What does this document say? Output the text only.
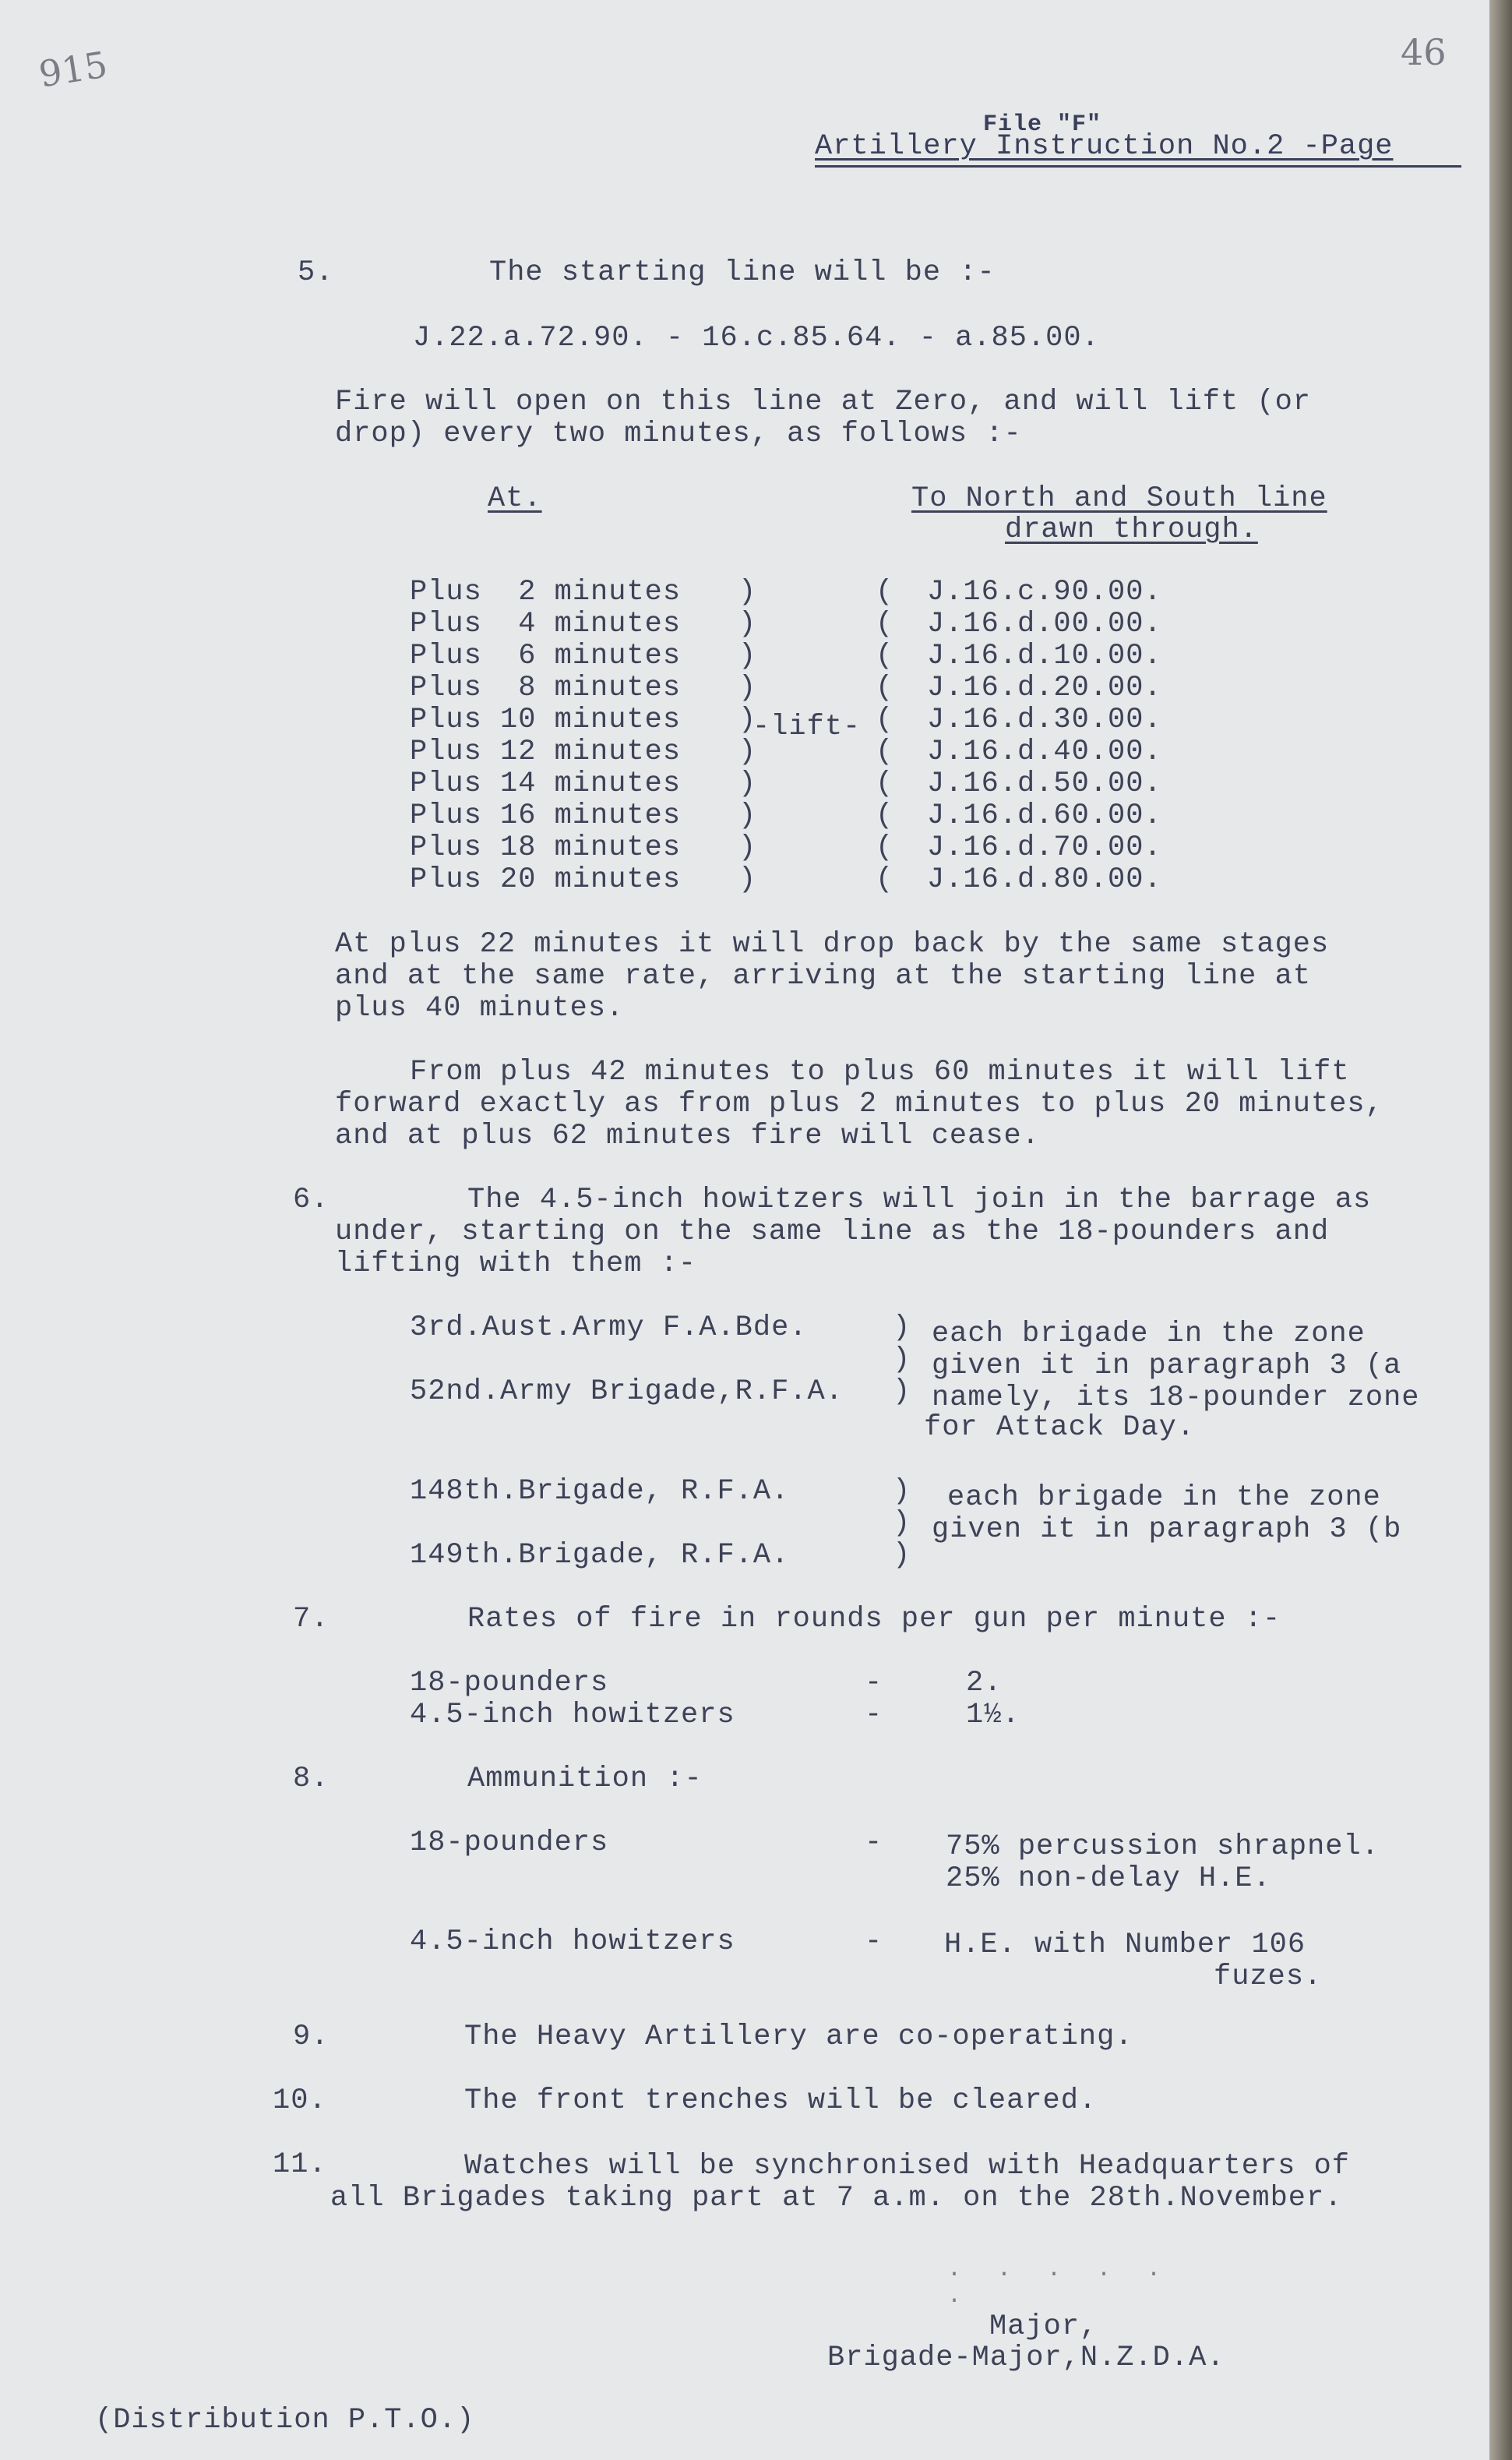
915	46
File "F"
Artillery Instruction No.2 -Page
5.	The starting line will be :-
J.22.a.72.90. - 16.c.85.64. - a.85.00.
Fire will open on this line at Zero, and will lift (or
drop) every two minutes, as follows :-
At.	To North and South line
drawn through.
Plus  2 minutes )	( J.16.c.90.00.
Plus  4 minutes )	( J.16.d.00.00.
Plus  6 minutes )	( J.16.d.10.00.
Plus  8 minutes )	( J.16.d.20.00.
Plus 10 minutes )	( J.16.d.30.00.
Plus 12 minutes )	( J.16.d.40.00.
Plus 14 minutes )	( J.16.d.50.00.
Plus 16 minutes )	( J.16.d.60.00.
Plus 18 minutes )	( J.16.d.70.00.
Plus 20 minutes )	( J.16.d.80.00.
-lift-
At plus 22 minutes it will drop back by the same stages
and at the same rate, arriving at the starting line at
plus 40 minutes.
From plus 42 minutes to plus 60 minutes it will lift
forward exactly as from plus 2 minutes to plus 20 minutes,
and at plus 62 minutes fire will cease.
6.	The 4.5-inch howitzers will join in the barrage as
under, starting on the same line as the 18-pounders and
lifting with them :-
3rd.Aust.Army F.A.Bde.
52nd.Army Brigade,R.F.A.
)
)
)
each brigade in the zone
given it in paragraph 3 (a
namely, its 18-pounder zone
for Attack Day.
148th.Brigade, R.F.A.
149th.Brigade, R.F.A.
)
)
)
each brigade in the zone
given it in paragraph 3 (b
7.	Rates of fire in rounds per gun per minute :-
18-pounders	-	2.
4.5-inch howitzers	-	1½.
8.	Ammunition :-
18-pounders	- 75% percussion shrapnel.
25% non-delay H.E.
4.5-inch howitzers	- H.E. with Number 106
fuzes.
9.	The Heavy Artillery are co-operating.
10.	The front trenches will be cleared.
11.	Watches will be synchronised with Headquarters of
all Brigades taking part at 7 a.m. on the 28th.November.
. . . . . .
Major,
Brigade-Major,N.Z.D.A.
(Distribution P.T.O.)
